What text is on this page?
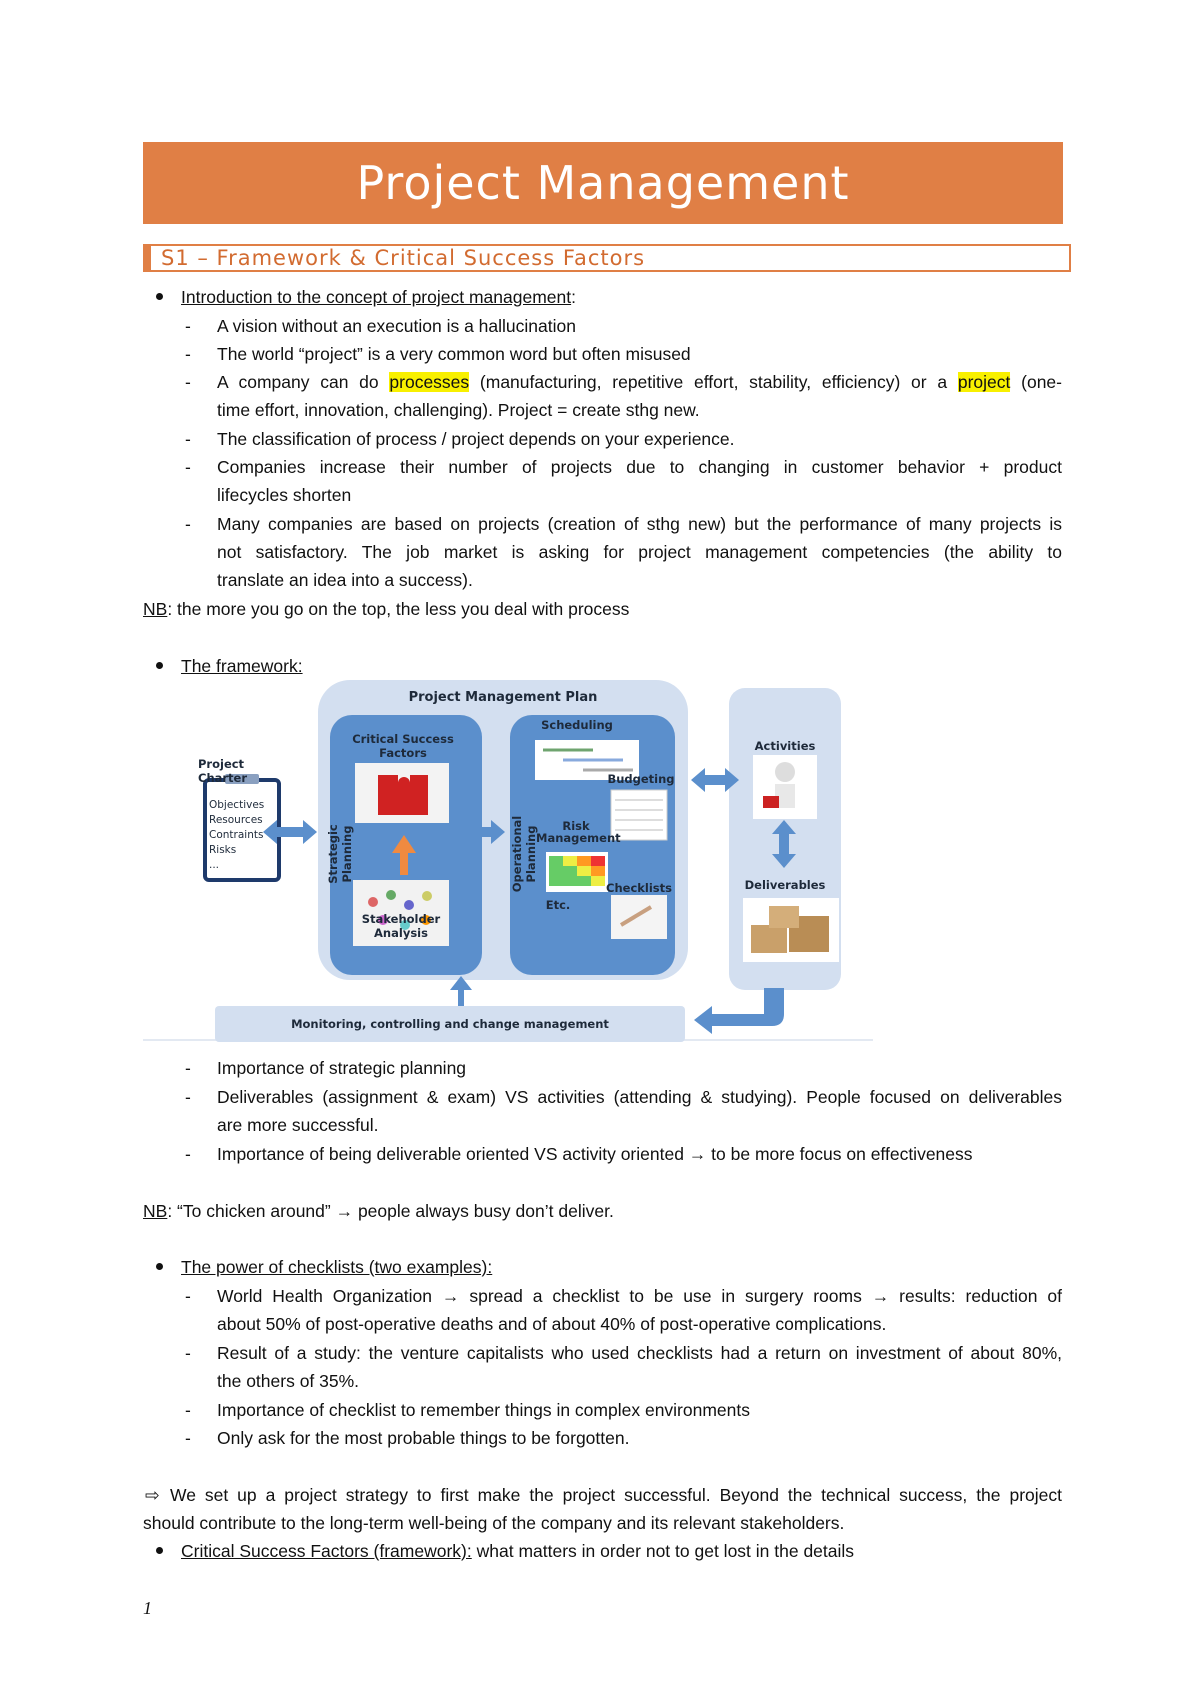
Project Management
S1 – Framework & Critical Success Factors
Introduction to the concept of project management:
- A vision without an execution is a hallucination
- The world “project” is a very common word but often misused
- A company can do processes (manufacturing, repetitive effort, stability, efficiency) or a project (one-
time effort, innovation, challenging). Project = create sthg new.
- The classification of process / project depends on your experience.
- Companies increase their number of projects due to changing in customer behavior + product
lifecycles shorten
- Many companies are based on projects (creation of sthg new) but the performance of many projects is
not satisfactory. The job market is asking for project management competencies (the ability to
translate an idea into a success).
NB: the more you go on the top, the less you deal with process
The framework:
Project Management Plan
Project Charter
Objectives
Resources
Contraints
Risks
...
Critical Success Factors
Stakeholder Analysis
Strategic Planning	Operational Planning
Scheduling
Budgeting
Risk Management
Checklists
Etc.
Activities
Deliverables
Monitoring, controlling and change management
- Importance of strategic planning
- Deliverables (assignment & exam) VS activities (attending & studying). People focused on deliverables
are more successful.
- Importance of being deliverable oriented VS activity oriented → to be more focus on effectiveness
NB: “To chicken around” → people always busy don’t deliver.
The power of checklists (two examples):
- World Health Organization → spread a checklist to be use in surgery rooms → results: reduction of
about 50% of post-operative deaths and of about 40% of post-operative complications.
- Result of a study: the venture capitalists who used checklists had a return on investment of about 80%,
the others of 35%.
- Importance of checklist to remember things in complex environments
- Only ask for the most probable things to be forgotten.
⇨ We set up a project strategy to first make the project successful. Beyond the technical success, the project
should contribute to the long-term well-being of the company and its relevant stakeholders.
Critical Success Factors (framework): what matters in order not to get lost in the details
1
